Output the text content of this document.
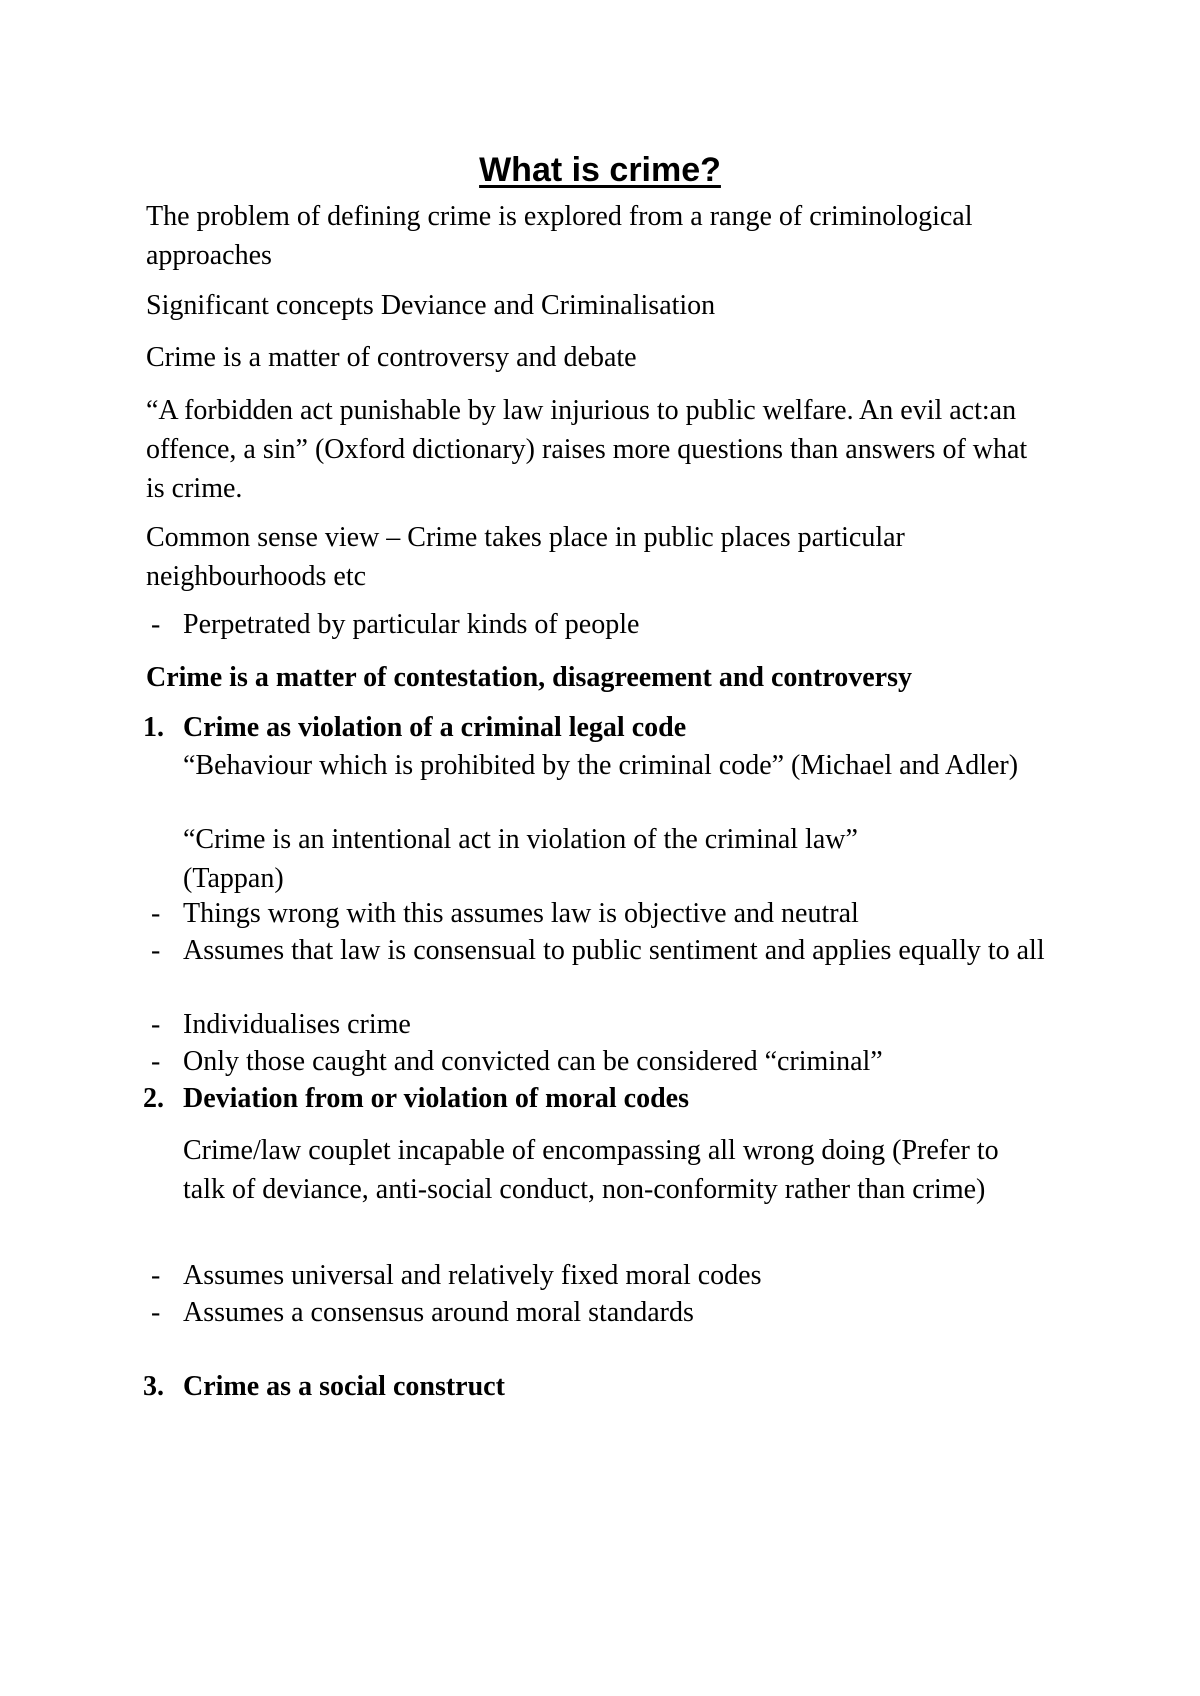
What is crime?

The problem of defining crime is explored from a range of criminological approaches

Significant concepts Deviance and Criminalisation

Crime is a matter of controversy and debate

“A forbidden act punishable by law injurious to public welfare. An evil act:an offence, a sin” (Oxford dictionary) raises more questions than answers of what is crime.

Common sense view – Crime takes place in public places particular neighbourhoods etc

- Perpetrated by particular kinds of people

Crime is a matter of contestation, disagreement and controversy

1. Crime as violation of a criminal legal code

“Behaviour which is prohibited by the criminal code” (Michael and Adler)

“Crime is an intentional act in violation of the criminal law” (Tappan)

- Things wrong with this assumes law is objective and neutral
- Assumes that law is consensual to public sentiment and applies equally to all
- Individualises crime
- Only those caught and convicted can be considered “criminal”
2. Deviation from or violation of moral codes

Crime/law couplet incapable of encompassing all wrong doing (Prefer to talk of deviance, anti-social conduct, non-conformity rather than crime)

- Assumes universal and relatively fixed moral codes
- Assumes a consensus around moral standards
3. Crime as a social construct
